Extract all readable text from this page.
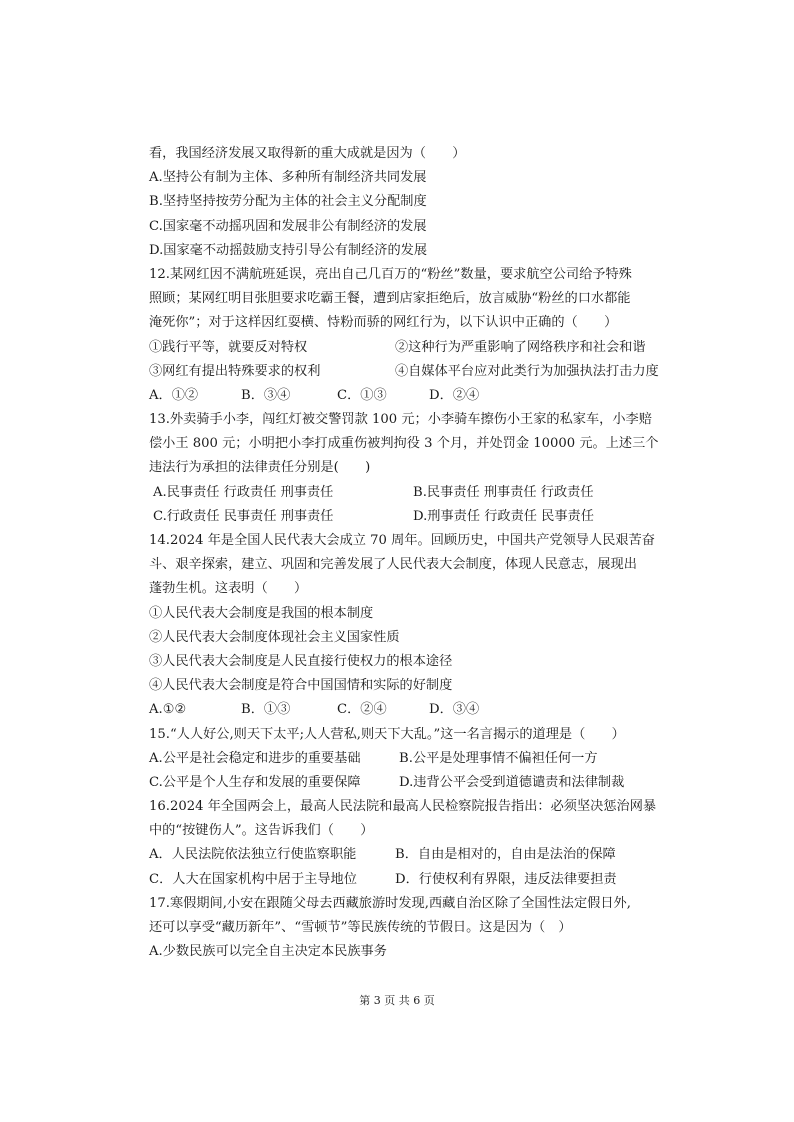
看，我国经济发展又取得新的重大成就是因为（　　）
A.坚持公有制为主体、多种所有制经济共同发展
B.坚持坚持按劳分配为主体的社会主义分配制度
C.国家毫不动摇巩固和发展非公有制经济的发展
D.国家毫不动摇鼓励支持引导公有制经济的发展
12.某网红因不满航班延误，亮出自己几百万的“粉丝”数量，要求航空公司给予特殊
照顾；某网红明目张胆要求吃霸王餐，遭到店家拒绝后，放言威胁“粉丝的口水都能
淹死你”；对于这样因红耍横、恃粉而骄的网红行为，以下认识中正确的（　　）
①践行平等，就要反对特权	②这种行为严重影响了网络秩序和社会和谐
③网红有提出特殊要求的权利	④自媒体平台应对此类行为加强执法打击力度
A．①②	B．③④	C．①③	D．②④
13.外卖骑手小李，闯红灯被交警罚款 100 元；小李骑车擦伤小王家的私家车，小李赔
偿小王 800 元；小明把小李打成重伤被判拘役 3 个月，并处罚金 10000 元。上述三个
违法行为承担的法律责任分别是(　　)
A.民事责任 行政责任 刑事责任	B.民事责任 刑事责任 行政责任
C.行政责任 民事责任 刑事责任	D.刑事责任 行政责任 民事责任
14.2024 年是全国人民代表大会成立 70 周年。回顾历史，中国共产党领导人民艰苦奋
斗、艰辛探索，建立、巩固和完善发展了人民代表大会制度，体现人民意志，展现出
蓬勃生机。这表明（　　）
①人民代表大会制度是我国的根本制度
②人民代表大会制度体现社会主义国家性质
③人民代表大会制度是人民直接行使权力的根本途径
④人民代表大会制度是符合中国国情和实际的好制度
A.①②	B．①③	C．②④	D．③④
15.“人人好公,则天下太平;人人营私,则天下大乱。”这一名言揭示的道理是（　　）
A.公平是社会稳定和进步的重要基础	B.公平是处理事情不偏袒任何一方
C.公平是个人生存和发展的重要保障	D.违背公平会受到道德谴责和法律制裁
16.2024 年全国两会上，最高人民法院和最高人民检察院报告指出：必须坚决惩治网暴
中的“按键伤人”。这告诉我们（　　）
A．人民法院依法独立行使监察职能	B．自由是相对的，自由是法治的保障
C．人大在国家机构中居于主导地位	D．行使权利有界限，违反法律要担责
17.寒假期间,小安在跟随父母去西藏旅游时发现,西藏自治区除了全国性法定假日外,
还可以享受“藏历新年”、“雪顿节”等民族传统的节假日。这是因为（　）
A.少数民族可以完全自主决定本民族事务
第 3 页 共 6 页
